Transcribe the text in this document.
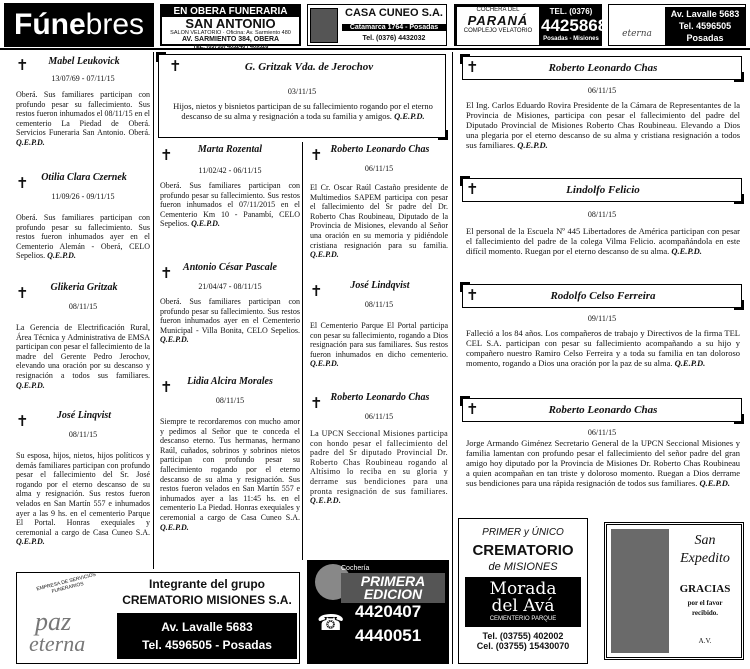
Fúnebres	EN OBERA FUNERARIA
SAN ANTONIO
SALON VELATORIO · Oficina: Av. Sarmiento 480
AV. SARMIENTO 384, OBERA
TEL: (03755) 403240 / 409328
CASA CUNEO S.A.
Catamarca 1764 - Posadas
Tel. (0376) 4432032
COCHERA DEL
PARANÁ
COMPLEJO VELATORIO
TEL. (0376)
4425868
Posadas - Misiones	eterna
Av. Lavalle 5683
Tel. 4596505
Posadas
✝	Mabel Leukovick
13/07/69 - 07/11/15
Oberá. Sus familiares participan con profundo pesar su fallecimiento. Sus restos fueron inhumados el 08/11/15 en el cementerio La Piedad de Oberá. Servicios Funeraria San Antonio. Oberá. Q.E.P.D.
✝	Otilia Clara Czernek
11/09/26 - 09/11/15
Oberá. Sus familiares participan con profundo pesar su fallecimiento. Sus restos fueron inhumados ayer en el Cementerio Alemán - Oberá, CELO Sepelios. Q.E.P.D.
✝	Glikeria Gritzak
08/11/15
La Gerencia de Electrificación Rural, Área Técnica y Administrativa de EMSA participan con pesar el fallecimiento de la madre del Gerente Pedro Jerochov, elevando una oración por su descanso y resignación a todos sus familiares. Q.E.P.D.
✝	José Linqvist
08/11/15
Su esposa, hijos, nietos, hijos políticos y demás familiares participan con profundo pesar el fallecimiento del Sr. José rogando por el eterno descanso de su alma y resignación. Sus restos fueron velados en San Martín 557 e inhumados ayer a las 9 hs. en el cementerio Parque El Portal. Honras exequiales y ceremonial a cargo de Casa Cuneo S.A. Q.E.P.D.
✝	G. Gritzak Vda. de Jerochov
03/11/15
Hijos, nietos y bisnietos participan de su fallecimiento rogando por el eterno descanso de su alma y resignación a toda su familia y amigos. Q.E.P.D.
✝	Marta Rozental
11/02/42 - 06/11/15
Oberá. Sus familiares participan con profundo pesar su fallecimiento. Sus restos fueron inhumados el 07/11/2015 en el Cementerio Km 10 - Panambí, CELO Sepelios. Q.E.P.D.
✝	Antonio César Pascale
21/04/47 - 08/11/15
Oberá. Sus familiares participan con profundo pesar su fallecimiento. Sus restos fueron inhumados ayer en el Cementerio Municipal - Villa Bonita, CELO Sepelios. Q.E.P.D.
✝	Lidia Alcira Morales
08/11/15
Siempre te recordaremos con mucho amor y pedimos al Señor que te conceda el descanso eterno. Tus hermanas, hermano Raúl, cuñados, sobrinos y sobrinos nietos participan con profundo pesar su fallecimiento rogando por el eterno descanso de su alma y resignación. Sus restos fueron velados en San Martín 557 e inhumados ayer a las 11:45 hs. en el cementerio La Piedad. Honras exequiales y ceremonial a cargo de Casa Cuneo S.A. Q.E.P.D.
✝ Roberto Leonardo Chas
06/11/15
El Cr. Oscar Raúl Castaño presidente de Multimedios SAPEM participa con pesar el fallecimiento del Sr padre del Dr. Roberto Chas Roubineau, Diputado de la Provincia de Misiones, elevando al Señor una oración en su memoria y pidiéndole cristiana resignación para su familia. Q.E.P.D.
✝	José Lindqvist
08/11/15
El Cementerio Parque El Portal participa con pesar su fallecimiento, rogando a Dios resignación para sus familiares. Sus restos fueron inhumados en dicho cementerio. Q.E.P.D.
✝ Roberto Leonardo Chas
06/11/15
La UPCN Seccional Misiones participa con hondo pesar el fallecimiento del padre del Sr diputado Provincial Dr. Roberto Chas Roubineau rogando al Altísimo lo reciba en su gloria y derrame sus bendiciones para una pronta resignación de sus familiares. Q.E.P.D.
✝	Roberto Leonardo Chas
06/11/15
El Ing. Carlos Eduardo Rovira Presidente de la Cámara de Representantes de la Provincia de Misiones, participa con pesar el fallecimiento del padre del Diputado Provincial de Misiones Roberto Chas Roubineau. Elevando a Dios una plegaria por el eterno descanso de su alma y cristiana resignación a todos sus familiares. Q.E.P.D.
✝	Lindolfo Felicio
08/11/15
El personal de la Escuela Nº 445 Libertadores de América participan con pesar el fallecimiento del padre de la colega Vilma Felicio. acompañándola en este difícil momento. Ruegan por el eterno descanso de su alma. Q.E.P.D.
✝	Rodolfo Celso Ferreira
09/11/15
Falleció a los 84 años. Los compañeros de trabajo y Directivos de la firma TEL CEL S.A. participan con pesar su fallecimiento acompañando a su hijo y compañero nuestro Ramiro Celso Ferreira y a toda su familia en tan doloroso momento, rogando a Dios una oración por la paz de su alma. Q.E.P.D.
✝	Roberto Leonardo Chas
06/11/15
Jorge Armando Giménez Secretario General de la UPCN Seccional Misiones y familia lamentan con profundo pesar el fallecimiento del señor padre del gran amigo hoy diputado por la Provincia de Misiones Dr. Roberto Chas Roubineau a quien acompañan en tan triste y doloroso momento. Ruegan a Dios derrame sus bendiciones para una rápida resignación de todos sus familiares. Q.E.P.D.
EMPRESA DE SERVICIOS FUNERARIOS
paz
eterna
Integrante del grupo
CREMATORIO MISIONES S.A.
Av. Lavalle 5683
Tel. 4596505 - Posadas
Cochería
PRIMERA EDICION
☎ 4420407
4440051
PRIMER y ÚNICO
CREMATORIO
de MISIONES
Morada
del Avá
CEMENTERIO PARQUE
Tel. (03755) 402002
Cel. (03755) 15430070
San
Expedito
GRACIAS
por el favor
recibido.
A.V.
